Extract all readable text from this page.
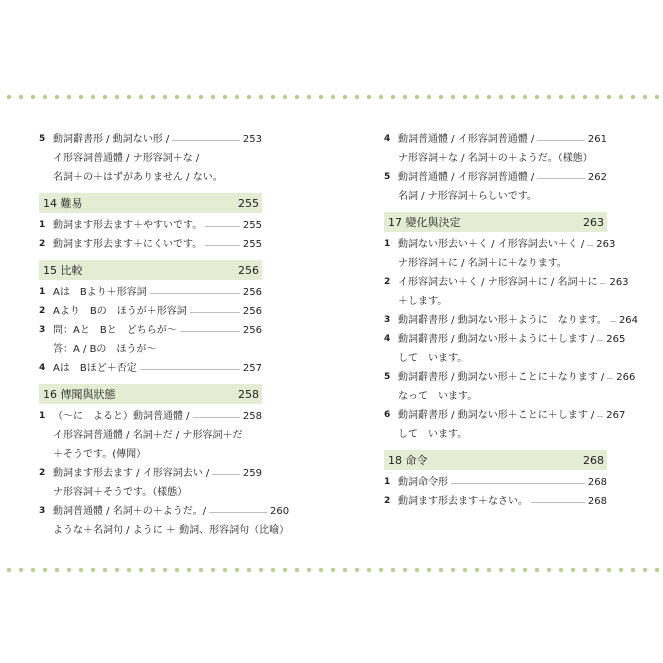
5 動詞辭書形 / 動詞ない形 /	253
イ形容詞普通體 / ナ形容詞＋な /
名詞＋の＋はずがありません / ない。
14 難易	255
1 動詞ます形去ます＋やすいです。	255
2 動詞ます形去ます＋にくいです。	255
15 比較	256
1 Aは　Bより＋形容詞	256
2 Aより　Bの　ほうが＋形容詞	256
3 問：Aと　Bと　どちらが～	256
答：A / Bの　ほうが～
4 Aは　Bほど＋否定	257
16 傳聞與狀態	258
1 （～に　よると）動詞普通體 /	258
イ形容詞普通體 / 名詞＋だ / ナ形容詞＋だ
＋そうです。(傳聞）
2 動詞ます形去ます / イ形容詞去い /	259
ナ形容詞＋そうです。（樣態）
3 動詞普通體 / 名詞＋の＋ようだ。/	260
ような＋名詞句 / ように ＋ 動詞、形容詞句（比喻）
4 動詞普通體 / イ形容詞普通體 /	261
ナ形容詞＋な / 名詞＋の＋ようだ。（樣態）
5 動詞普通體 / イ形容詞普通體 /	262
名詞 / ナ形容詞＋らしいです。
17 變化與決定	263
1 動詞ない形去い＋く / イ形容詞去い＋く / 263
ナ形容詞＋に / 名詞＋に＋なります。
2 イ形容詞去い＋く / ナ形容詞＋に / 名詞＋に 263
＋します。
3 動詞辭書形 / 動詞ない形＋ように　なります。 264
4 動詞辭書形 / 動詞ない形＋ように＋します / 265
して　います。
5 動詞辭書形 / 動詞ない形＋ことに＋なります / 266
なって　います。
6 動詞辭書形 / 動詞ない形＋ことに＋します / 267
して　います。
18 命令	268
1 動詞命令形	268
2 動詞ます形去ます＋なさい。	268
